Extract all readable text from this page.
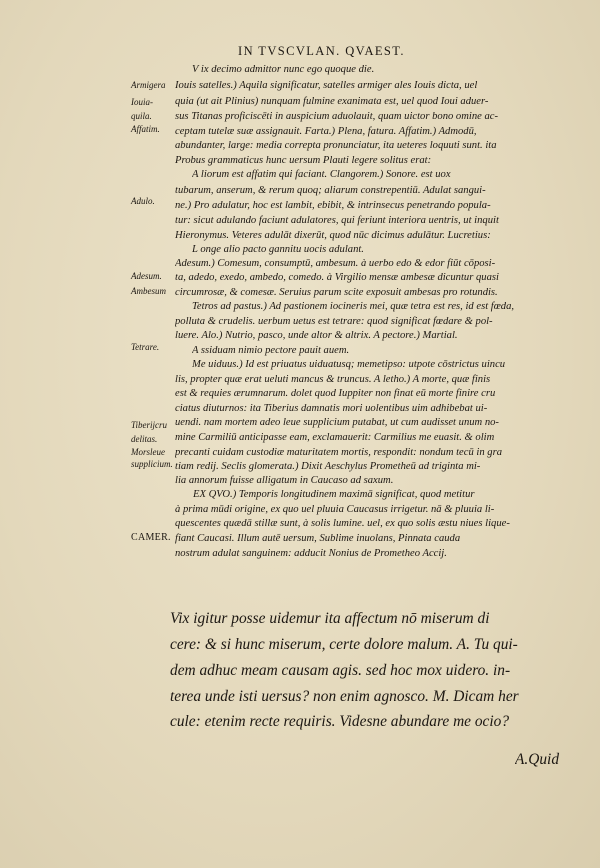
IN TVSCVLAN. QVAEST.
Armigera
Iouia-
quila.
Affatim.
Adulo.
Adesum.
Ambesum
Tetrare.
Tiberijcru
delitas.
Morsleue
supplicium.
CAMER.
V ix decimo admittor nunc ego quoque die.
Iouis satelles.) Aquila significatur, satelles armiger ales Iouis dicta, uel
quia (ut ait Plinius) nunquam fulmine exanimata est, uel quod Ioui aduer-
sus Titanas proficiscēti in auspicium aduolauit, quam uictor bono omine ac-
ceptam tutelæ suæ assignauit. Farta.) Plena, fatura. Affatim.) Admodū,
abundanter, large: media correpta pronunciatur, ita ueteres loquuti sunt. ita
Probus grammaticus hunc uersum Plauti legere solitus erat:
A liorum est affatim qui faciant. Clangorem.) Sonore. est uox
tubarum, anserum, & rerum quoq; aliarum constrepentiū. Adulat sangui-
ne.) Pro adulatur, hoc est lambit, ebibit, & intrinsecus penetrando popula-
tur: sicut adulando faciunt adulatores, qui feriunt interiora uentris, ut inquit
Hieronymus. Veteres adulāt dixerūt, quod nūc dicimus adulātur. Lucretius:
L onge alio pacto gannitu uocis adulant.
Adesum.) Comesum, consumptū, ambesum. à uerbo edo & edor fiūt cōposi-
ta, adedo, exedo, ambedo, comedo. à Virgilio mensæ ambesæ dicuntur quasi
circumrosæ, & comesæ. Seruius parum scite exposuit ambesas pro rotundis.
Tetros ad pastus.) Ad pastionem iocineris mei, quæ tetra est res, id est fœda,
polluta & crudelis. uerbum uetus est tetrare: quod significat fœdare & pol-
luere. Alo.) Nutrio, pasco, unde altor & altrix. A pectore.) Martial.
A ssiduam nimio pectore pauit auem.
Me uiduus.) Id est priuatus uiduatusq; memetipso: utpote cōstrictus uincu
lis, propter quæ erat ueluti mancus & truncus. A letho.) A morte, quæ finis
est & requies ærumnarum. dolet quod Iuppiter non finat eū morte finire cru
ciatus diuturnos: ita Tiberius damnatis mori uolentibus uim adhibebat ui-
uendi. nam mortem adeo leue supplicium putabat, ut cum audisset unum no-
mine Carmiliū anticipasse eam, exclamauerit: Carmilius me euasit. & olim
precanti cuidam custodiæ maturitatem mortis, respondit: nondum tecū in gra
tiam redij. Seclis glomerata.) Dixit Aeschylus Prometheū ad triginta mi-
lia annorum fuisse alligatum in Caucaso ad saxum.
EX QVO.) Temporis longitudinem maximā significat, quod metitur
à prima mūdi origine, ex quo uel pluuia Caucasus irrigetur. nā & pluuia li-
quescentes quædā stillæ sunt, à solis lumine. uel, ex quo solis æstu niues lique-
fiant Caucasi. Illum autē uersum, Sublime inuolans, Pinnata cauda
nostrum adulat sanguinem: adducit Nonius de Prometheo Accij.
Vix igitur posse uidemur ita affectum nō miserum di
cere: & si hunc miserum, certe dolore malum. A. Tu qui-
dem adhuc meam causam agis. sed hoc mox uidero. in-
terea unde isti uersus? non enim agnosco. M. Dicam her
cule: etenim recte requiris. Videsne abundare me ocio?
A.Quid
